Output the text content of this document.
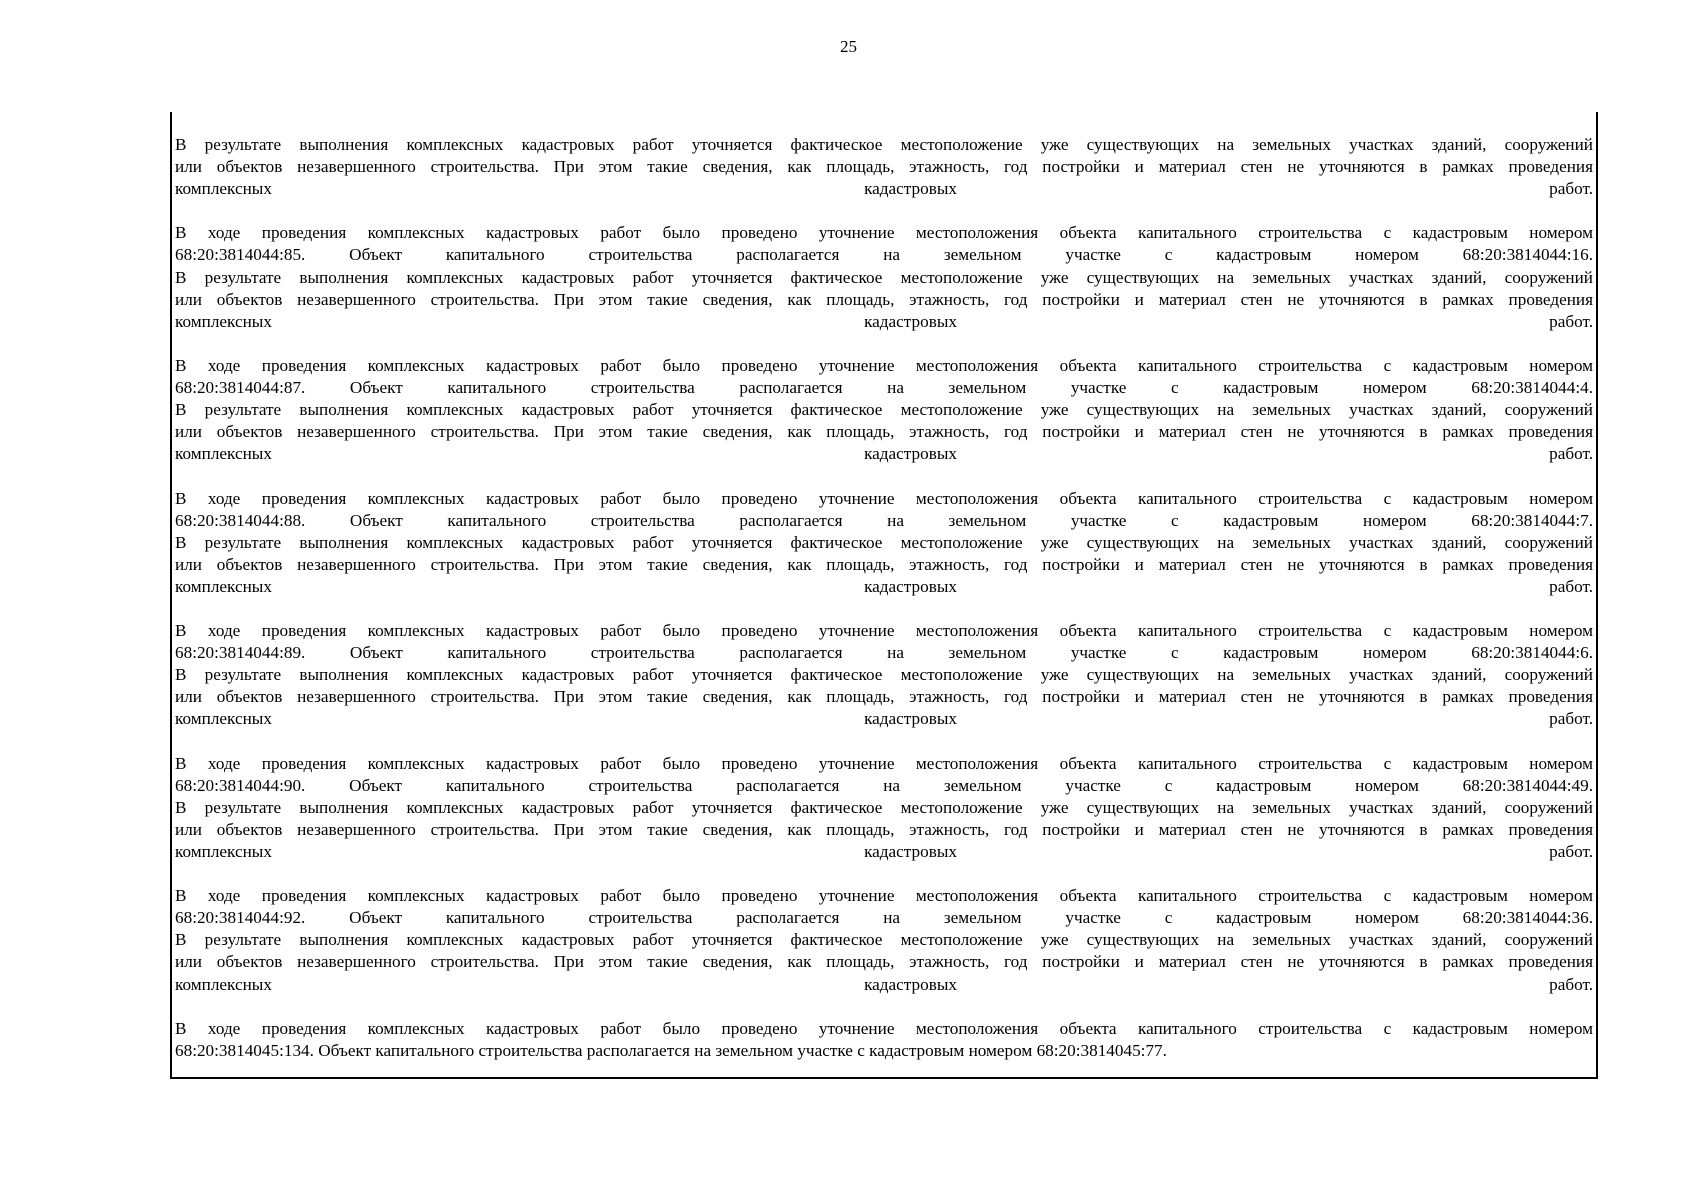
25
В результате выполнения комплексных кадастровых работ уточняется фактическое местоположение уже существующих на земельных участках зданий, сооружений
или объектов незавершенного строительства. При этом такие сведения, как площадь, этажность, год постройки и материал стен не уточняются в рамках проведения
комплексных кадастровых работ.
В ходе проведения комплексных кадастровых работ было проведено уточнение местоположения объекта капитального строительства с кадастровым номером
68:20:3814044:85. Объект капитального строительства располагается на земельном участке с кадастровым номером 68:20:3814044:16.
В результате выполнения комплексных кадастровых работ уточняется фактическое местоположение уже существующих на земельных участках зданий, сооружений
или объектов незавершенного строительства. При этом такие сведения, как площадь, этажность, год постройки и материал стен не уточняются в рамках проведения
комплексных кадастровых работ.
В ходе проведения комплексных кадастровых работ было проведено уточнение местоположения объекта капитального строительства с кадастровым номером
68:20:3814044:87. Объект капитального строительства располагается на земельном участке с кадастровым номером 68:20:3814044:4.
В результате выполнения комплексных кадастровых работ уточняется фактическое местоположение уже существующих на земельных участках зданий, сооружений
или объектов незавершенного строительства. При этом такие сведения, как площадь, этажность, год постройки и материал стен не уточняются в рамках проведения
комплексных кадастровых работ.
В ходе проведения комплексных кадастровых работ было проведено уточнение местоположения объекта капитального строительства с кадастровым номером
68:20:3814044:88. Объект капитального строительства располагается на земельном участке с кадастровым номером 68:20:3814044:7.
В результате выполнения комплексных кадастровых работ уточняется фактическое местоположение уже существующих на земельных участках зданий, сооружений
или объектов незавершенного строительства. При этом такие сведения, как площадь, этажность, год постройки и материал стен не уточняются в рамках проведения
комплексных кадастровых работ.
В ходе проведения комплексных кадастровых работ было проведено уточнение местоположения объекта капитального строительства с кадастровым номером
68:20:3814044:89. Объект капитального строительства располагается на земельном участке с кадастровым номером 68:20:3814044:6.
В результате выполнения комплексных кадастровых работ уточняется фактическое местоположение уже существующих на земельных участках зданий, сооружений
или объектов незавершенного строительства. При этом такие сведения, как площадь, этажность, год постройки и материал стен не уточняются в рамках проведения
комплексных кадастровых работ.
В ходе проведения комплексных кадастровых работ было проведено уточнение местоположения объекта капитального строительства с кадастровым номером
68:20:3814044:90. Объект капитального строительства располагается на земельном участке с кадастровым номером 68:20:3814044:49.
В результате выполнения комплексных кадастровых работ уточняется фактическое местоположение уже существующих на земельных участках зданий, сооружений
или объектов незавершенного строительства. При этом такие сведения, как площадь, этажность, год постройки и материал стен не уточняются в рамках проведения
комплексных кадастровых работ.
В ходе проведения комплексных кадастровых работ было проведено уточнение местоположения объекта капитального строительства с кадастровым номером
68:20:3814044:92. Объект капитального строительства располагается на земельном участке с кадастровым номером 68:20:3814044:36.
В результате выполнения комплексных кадастровых работ уточняется фактическое местоположение уже существующих на земельных участках зданий, сооружений
или объектов незавершенного строительства. При этом такие сведения, как площадь, этажность, год постройки и материал стен не уточняются в рамках проведения
комплексных кадастровых работ.
В ходе проведения комплексных кадастровых работ было проведено уточнение местоположения объекта капитального строительства с кадастровым номером
68:20:3814045:134. Объект капитального строительства располагается на земельном участке с кадастровым номером 68:20:3814045:77.
